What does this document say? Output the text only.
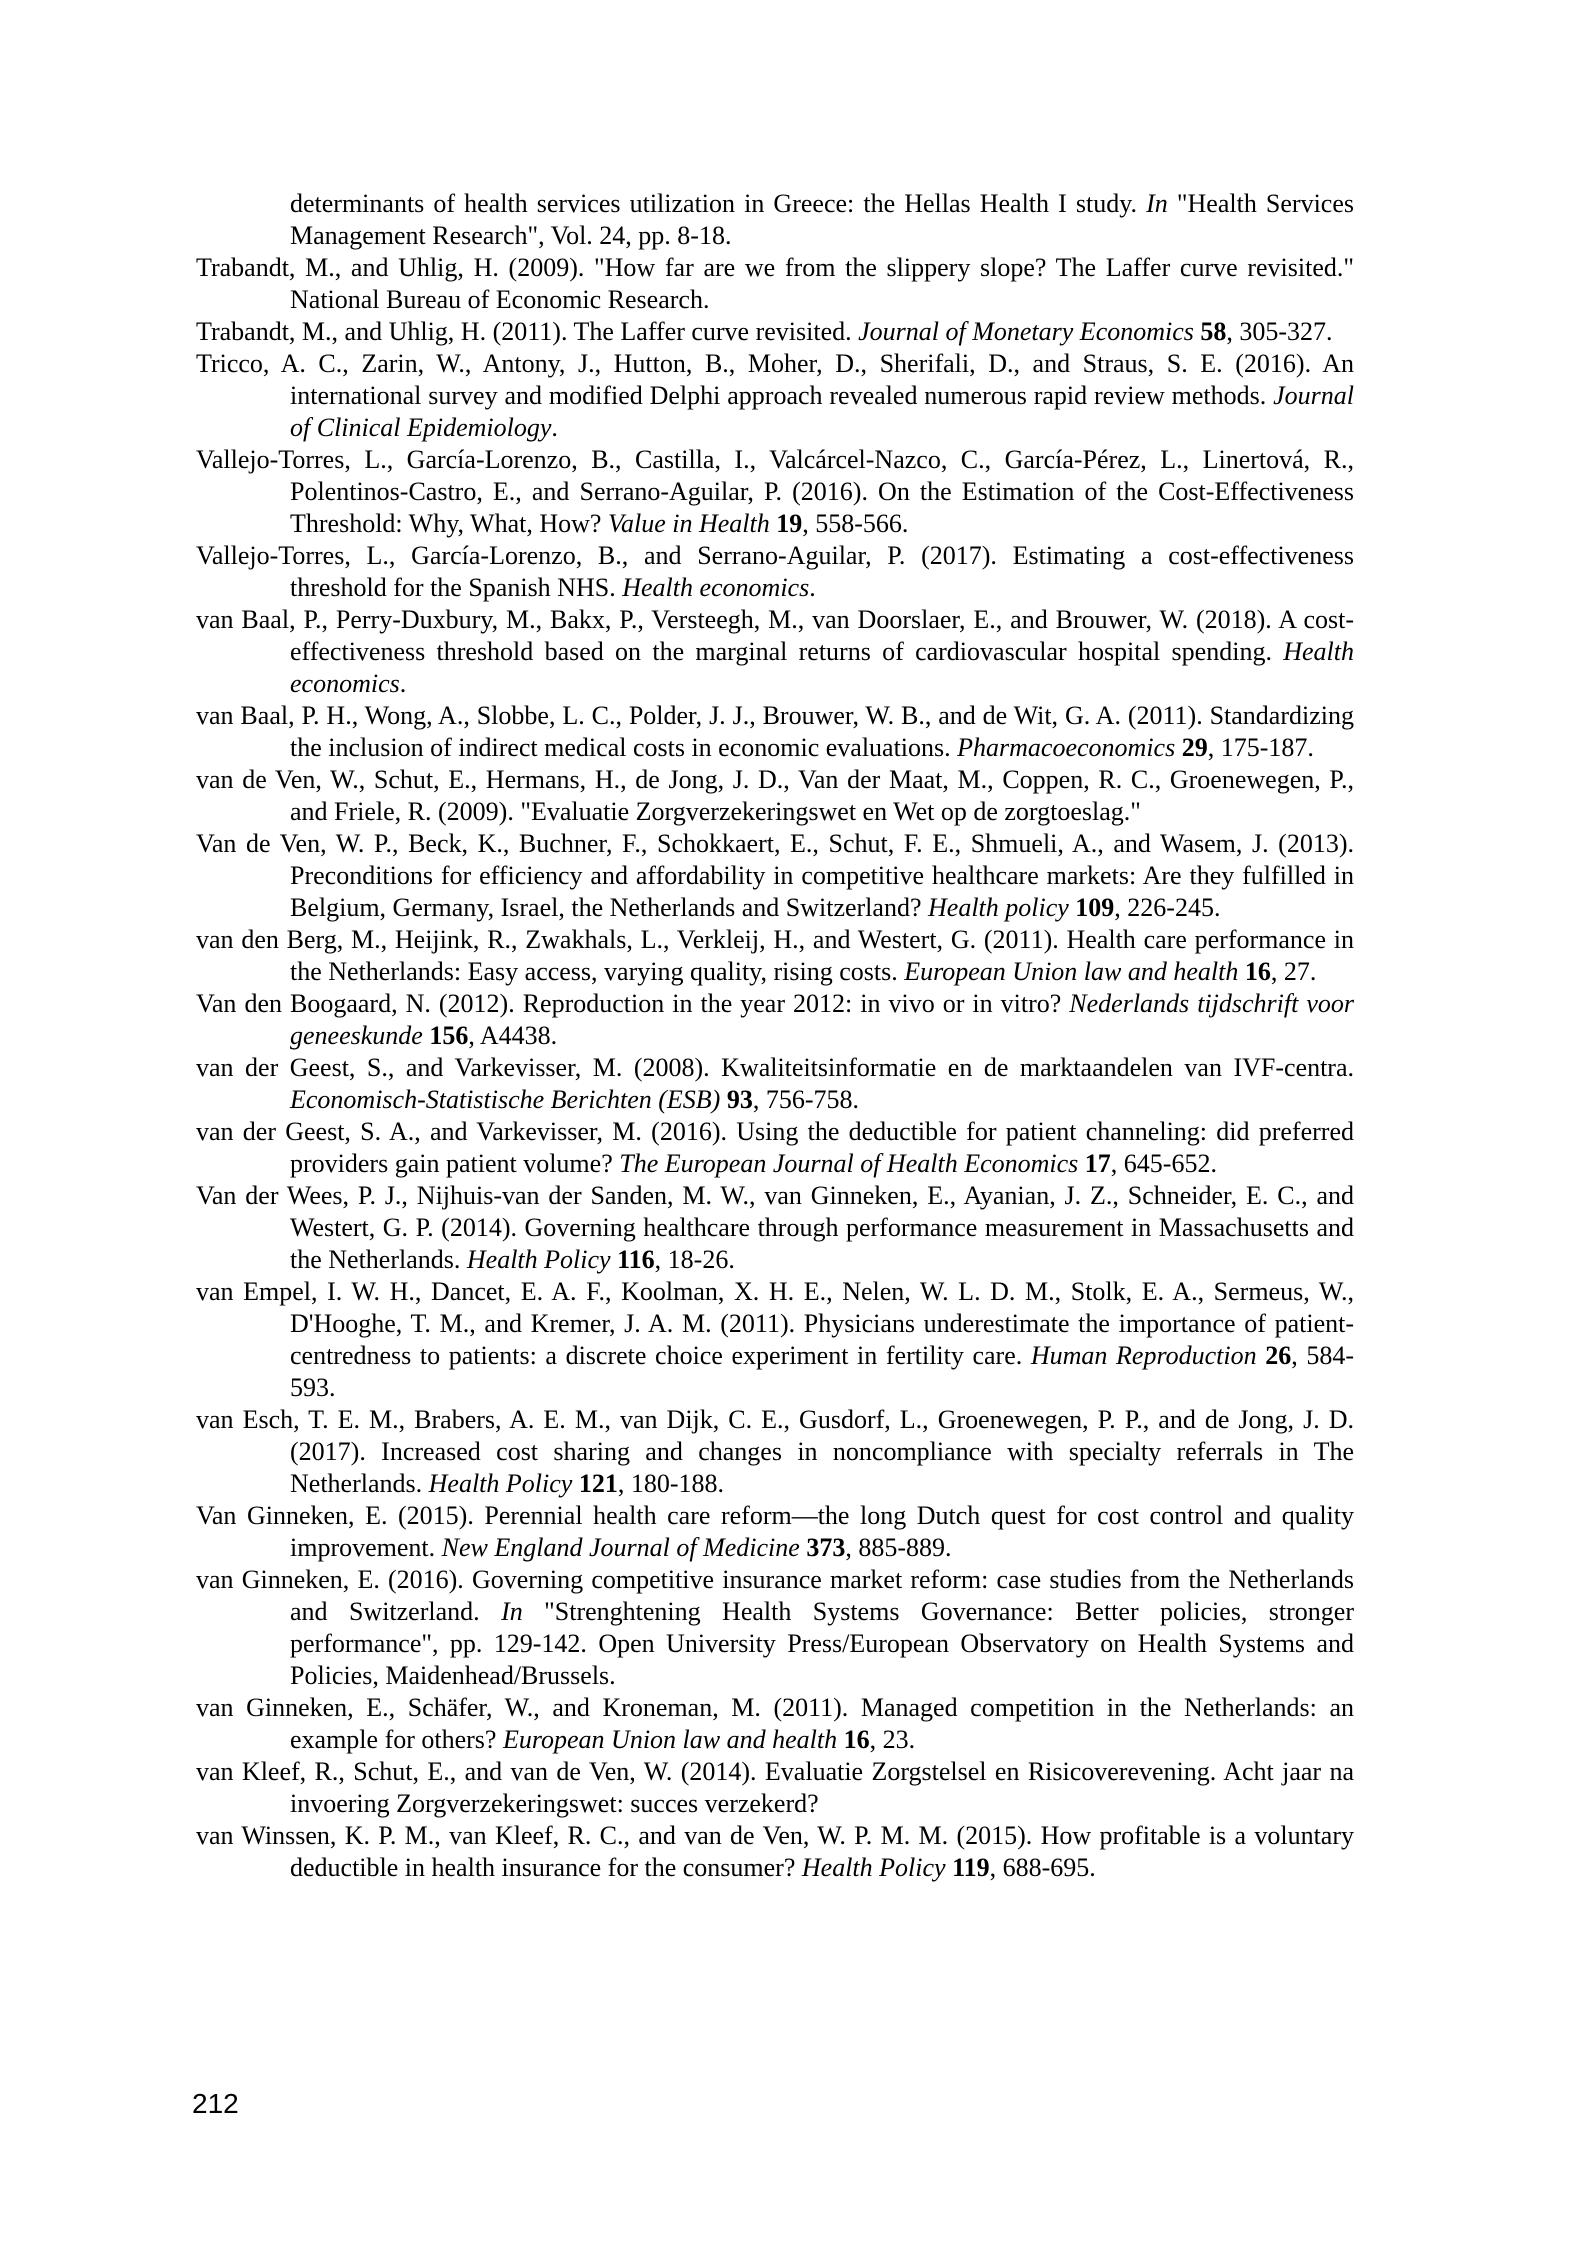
determinants of health services utilization in Greece: the Hellas Health I study. In "Health Services Management Research", Vol. 24, pp. 8-18.

Trabandt, M., and Uhlig, H. (2009). "How far are we from the slippery slope? The Laffer curve revisited." National Bureau of Economic Research.

Trabandt, M., and Uhlig, H. (2011). The Laffer curve revisited. Journal of Monetary Economics 58, 305-327.

Tricco, A. C., Zarin, W., Antony, J., Hutton, B., Moher, D., Sherifali, D., and Straus, S. E. (2016). An international survey and modified Delphi approach revealed numerous rapid review methods. Journal of Clinical Epidemiology.

Vallejo-Torres, L., García-Lorenzo, B., Castilla, I., Valcárcel-Nazco, C., García-Pérez, L., Linertová, R., Polentinos-Castro, E., and Serrano-Aguilar, P. (2016). On the Estimation of the Cost-Effectiveness Threshold: Why, What, How? Value in Health 19, 558-566.

Vallejo-Torres, L., García-Lorenzo, B., and Serrano-Aguilar, P. (2017). Estimating a cost-effectiveness threshold for the Spanish NHS. Health economics.

van Baal, P., Perry-Duxbury, M., Bakx, P., Versteegh, M., van Doorslaer, E., and Brouwer, W. (2018). A cost-effectiveness threshold based on the marginal returns of cardiovascular hospital spending. Health economics.

van Baal, P. H., Wong, A., Slobbe, L. C., Polder, J. J., Brouwer, W. B., and de Wit, G. A. (2011). Standardizing the inclusion of indirect medical costs in economic evaluations. Pharmacoeconomics 29, 175-187.

van de Ven, W., Schut, E., Hermans, H., de Jong, J. D., Van der Maat, M., Coppen, R. C., Groenewegen, P., and Friele, R. (2009). "Evaluatie Zorgverzekeringswet en Wet op de zorgtoeslag."

Van de Ven, W. P., Beck, K., Buchner, F., Schokkaert, E., Schut, F. E., Shmueli, A., and Wasem, J. (2013). Preconditions for efficiency and affordability in competitive healthcare markets: Are they fulfilled in Belgium, Germany, Israel, the Netherlands and Switzerland? Health policy 109, 226-245.

van den Berg, M., Heijink, R., Zwakhals, L., Verkleij, H., and Westert, G. (2011). Health care performance in the Netherlands: Easy access, varying quality, rising costs. European Union law and health 16, 27.

Van den Boogaard, N. (2012). Reproduction in the year 2012: in vivo or in vitro? Nederlands tijdschrift voor geneeskunde 156, A4438.

van der Geest, S., and Varkevisser, M. (2008). Kwaliteitsinformatie en de marktaandelen van IVF-centra. Economisch-Statistische Berichten (ESB) 93, 756-758.

van der Geest, S. A., and Varkevisser, M. (2016). Using the deductible for patient channeling: did preferred providers gain patient volume? The European Journal of Health Economics 17, 645-652.

Van der Wees, P. J., Nijhuis-van der Sanden, M. W., van Ginneken, E., Ayanian, J. Z., Schneider, E. C., and Westert, G. P. (2014). Governing healthcare through performance measurement in Massachusetts and the Netherlands. Health Policy 116, 18-26.

van Empel, I. W. H., Dancet, E. A. F., Koolman, X. H. E., Nelen, W. L. D. M., Stolk, E. A., Sermeus, W., D'Hooghe, T. M., and Kremer, J. A. M. (2011). Physicians underestimate the importance of patient-centredness to patients: a discrete choice experiment in fertility care. Human Reproduction 26, 584-593.

van Esch, T. E. M., Brabers, A. E. M., van Dijk, C. E., Gusdorf, L., Groenewegen, P. P., and de Jong, J. D. (2017). Increased cost sharing and changes in noncompliance with specialty referrals in The Netherlands. Health Policy 121, 180-188.

Van Ginneken, E. (2015). Perennial health care reform—the long Dutch quest for cost control and quality improvement. New England Journal of Medicine 373, 885-889.

van Ginneken, E. (2016). Governing competitive insurance market reform: case studies from the Netherlands and Switzerland. In "Strenghtening Health Systems Governance: Better policies, stronger performance", pp. 129-142. Open University Press/European Observatory on Health Systems and Policies, Maidenhead/Brussels.

van Ginneken, E., Schäfer, W., and Kroneman, M. (2011). Managed competition in the Netherlands: an example for others? European Union law and health 16, 23.

van Kleef, R., Schut, E., and van de Ven, W. (2014). Evaluatie Zorgstelsel en Risicoverevening. Acht jaar na invoering Zorgverzekeringswet: succes verzekerd?

van Winssen, K. P. M., van Kleef, R. C., and van de Ven, W. P. M. M. (2015). How profitable is a voluntary deductible in health insurance for the consumer? Health Policy 119, 688-695.

212
